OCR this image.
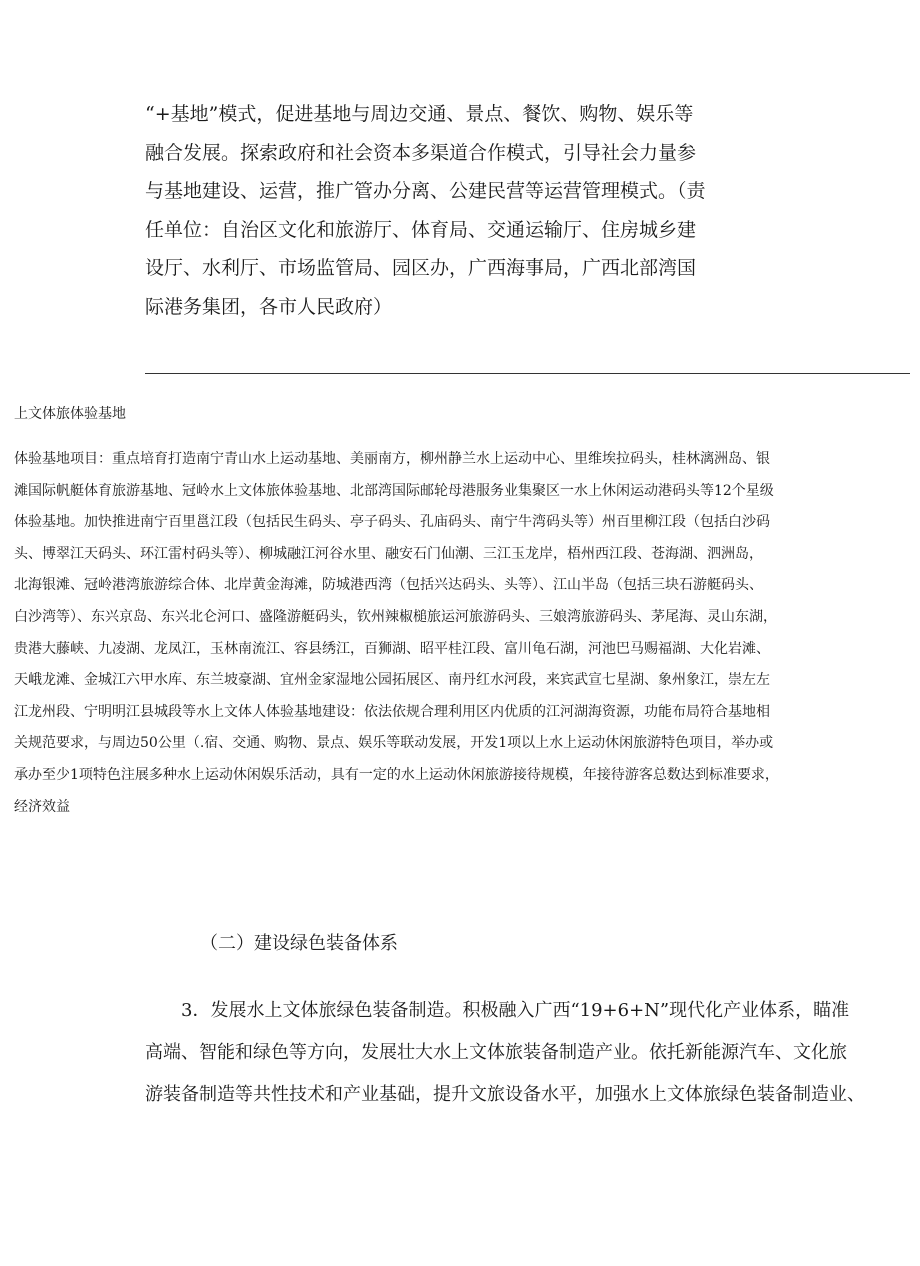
“+基地”模式，促进基地与周边交通、景点、餐饮、购物、娱乐等
融合发展。探索政府和社会资本多渠道合作模式，引导社会力量参
与基地建设、运营，推广管办分离、公建民营等运营管理模式。（责
任单位：自治区文化和旅游厅、体育局、交通运输厅、住房城乡建
设厅、水利厅、市场监管局、园区办，广西海事局，广西北部湾国
际港务集团，各市人民政府）
上文体旅体验基地
体验基地项目：重点培育打造南宁青山水上运动基地、美丽南方，柳州静兰水上运动中心、里维埃拉码头，桂林漓洲岛、银
滩国际帆艇体育旅游基地、冠岭水上文体旅体验基地、北部湾国际邮轮母港服务业集聚区一水上休闲运动港码头等12个星级
体验基地。加快推进南宁百里邕江段（包括民生码头、亭子码头、孔庙码头、南宁牛湾码头等）州百里柳江段（包括白沙码
头、博翠江天码头、环江雷村码头等）、柳城融江河谷水里、融安石门仙潮、三江玉龙岸，梧州西江段、苍海湖、泗洲岛，
北海银滩、冠岭港湾旅游综合体、北岸黄金海滩，防城港西湾（包括兴达码头、头等）、江山半岛（包括三块石游艇码头、
白沙湾等）、东兴京岛、东兴北仑河口、盛隆游艇码头，钦州辣椒槌旅运河旅游码头、三娘湾旅游码头、茅尾海、灵山东湖，
贵港大藤峡、九凌湖、龙凤江，玉林南流江、容县绣江，百狮湖、昭平桂江段、富川龟石湖，河池巴马赐福湖、大化岩滩、
天峨龙滩、金城江六甲水库、东兰坡豪湖、宜州金家湿地公园拓展区、南丹红水河段，来宾武宣七星湖、象州象江，崇左左
江龙州段、宁明明江县城段等水上文体人体验基地建设：依法依规合理利用区内优质的江河湖海资源，功能布局符合基地相
关规范要求，与周边50公里（.宿、交通、购物、景点、娱乐等联动发展，开发1项以上水上运动休闲旅游特色项目，举办或
承办至少1项特色注展多种水上运动休闲娱乐活动，具有一定的水上运动休闲旅游接待规模，年接待游客总数达到标准要求，
经济效益
（二）建设绿色装备体系
3．发展水上文体旅绿色装备制造。积极融入广西“19+6+N”现代化产业体系，瞄准
高端、智能和绿色等方向，发展壮大水上文体旅装备制造产业。依托新能源汽车、文化旅
游装备制造等共性技术和产业基础，提升文旅设备水平，加强水上文体旅绿色装备制造业、
